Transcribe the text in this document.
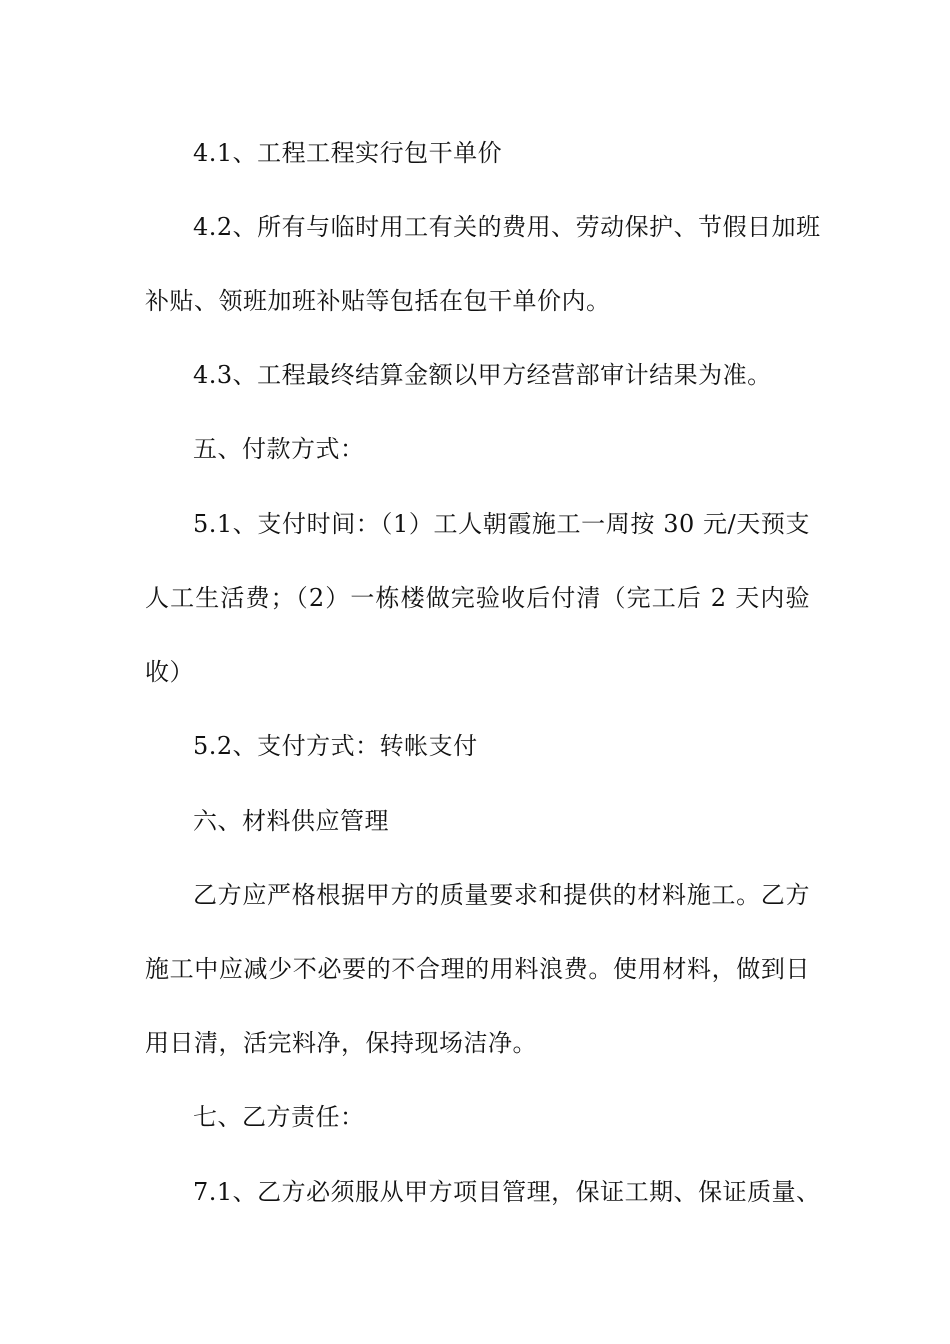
4.1、工程工程实行包干单价
4.2、所有与临时用工有关的费用、劳动保护、节假日加班
补贴、领班加班补贴等包括在包干单价内。
4.3、工程最终结算金额以甲方经营部审计结果为准。
五、付款方式：
5.1、支付时间：（1）工人朝霞施工一周按 30 元/天预支
人工生活费；（2）一栋楼做完验收后付清（完工后 2 天内验
收）
5.2、支付方式：转帐支付
六、材料供应管理
乙方应严格根据甲方的质量要求和提供的材料施工。乙方
施工中应减少不必要的不合理的用料浪费。使用材料，做到日
用日清，活完料净，保持现场洁净。
七、乙方责任：
7.1、乙方必须服从甲方项目管理，保证工期、保证质量、
